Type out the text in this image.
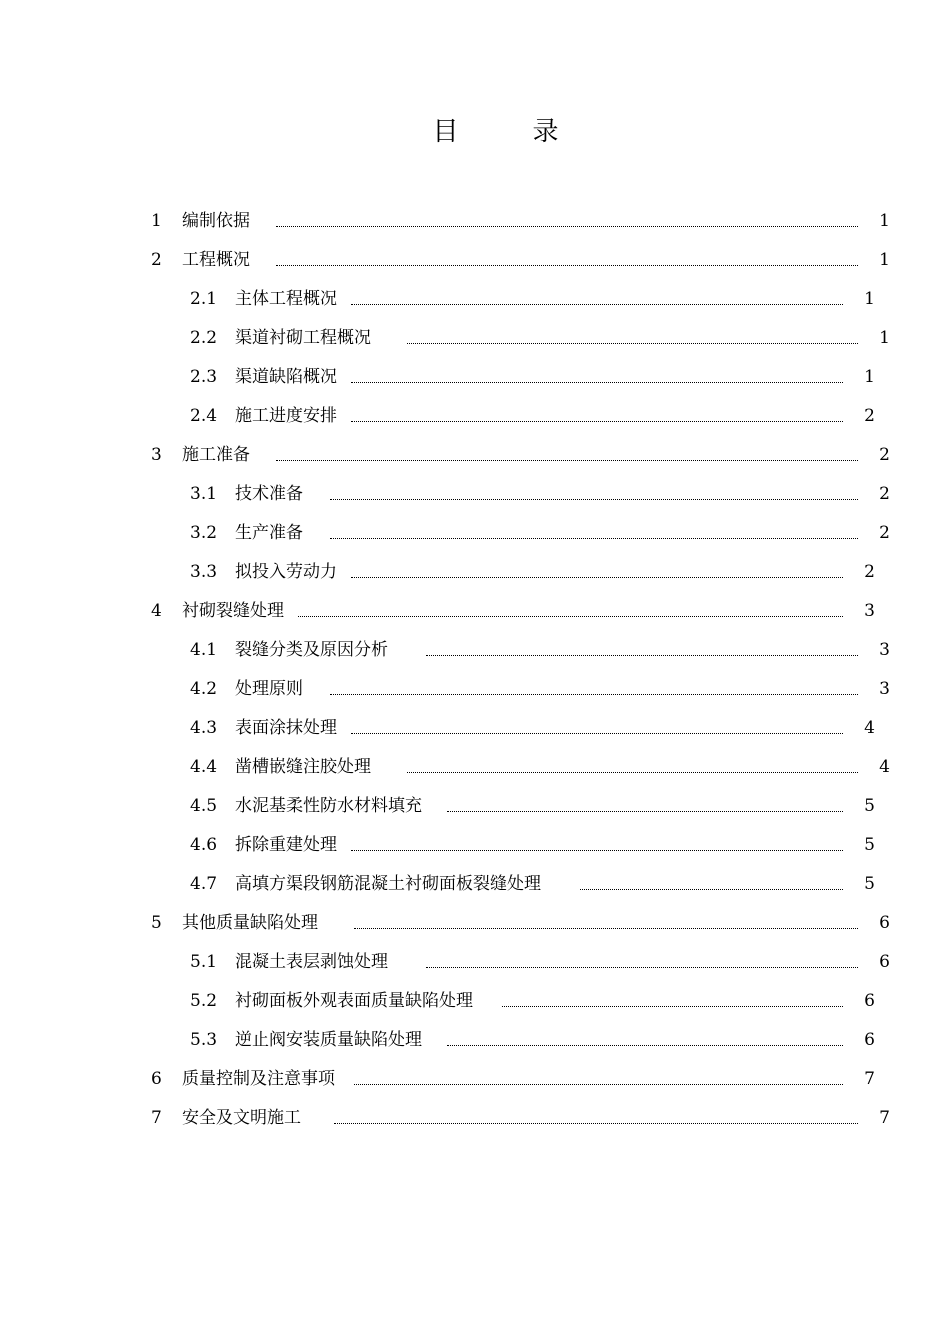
目　录
1 编制依据	1
2 工程概况	1
2.1 主体工程概况	1
2.2 渠道衬砌工程概况	1
2.3 渠道缺陷概况	1
2.4 施工进度安排	2
3 施工准备	2
3.1 技术准备	2
3.2 生产准备	2
3.3 拟投入劳动力	2
4 衬砌裂缝处理	3
4.1 裂缝分类及原因分析	3
4.2 处理原则	3
4.3 表面涂抹处理	4
4.4 凿槽嵌缝注胶处理	4
4.5 水泥基柔性防水材料填充	5
4.6 拆除重建处理	5
4.7 高填方渠段钢筋混凝土衬砌面板裂缝处理	5
5 其他质量缺陷处理	6
5.1 混凝土表层剥蚀处理	6
5.2 衬砌面板外观表面质量缺陷处理	6
5.3 逆止阀安装质量缺陷处理	6
6 质量控制及注意事项	7
7 安全及文明施工	7
